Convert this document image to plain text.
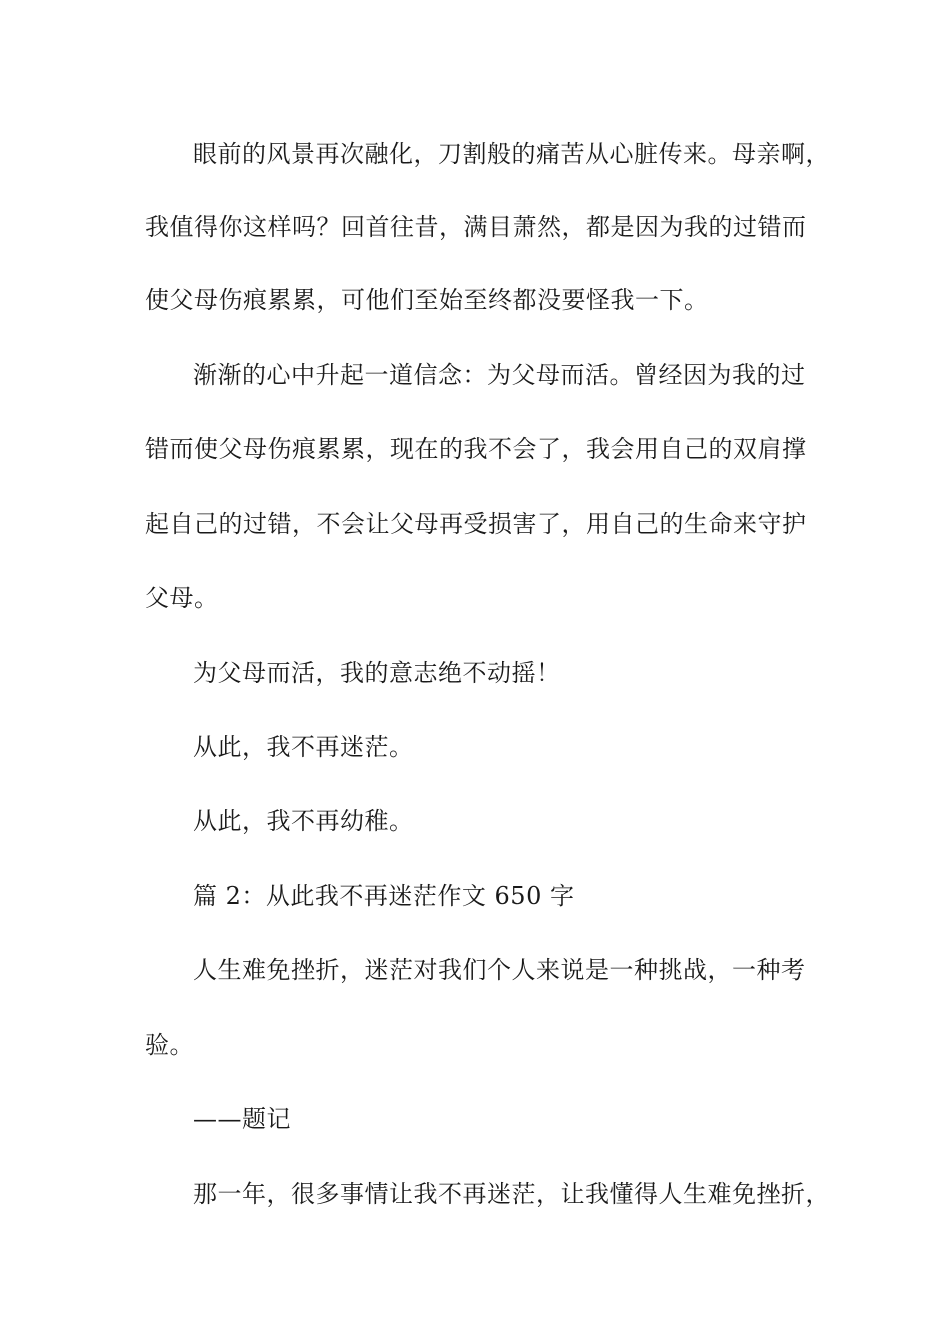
眼前的风景再次融化，刀割般的痛苦从心脏传来。母亲啊，
我值得你这样吗？回首往昔，满目萧然，都是因为我的过错而
使父母伤痕累累，可他们至始至终都没要怪我一下。
渐渐的心中升起一道信念：为父母而活。曾经因为我的过
错而使父母伤痕累累，现在的我不会了，我会用自己的双肩撑
起自己的过错，不会让父母再受损害了，用自己的生命来守护
父母。
为父母而活，我的意志绝不动摇！
从此，我不再迷茫。
从此，我不再幼稚。
篇 2：从此我不再迷茫作文 650 字
人生难免挫折，迷茫对我们个人来说是一种挑战，一种考
验。
——题记
那一年，很多事情让我不再迷茫，让我懂得人生难免挫折，
